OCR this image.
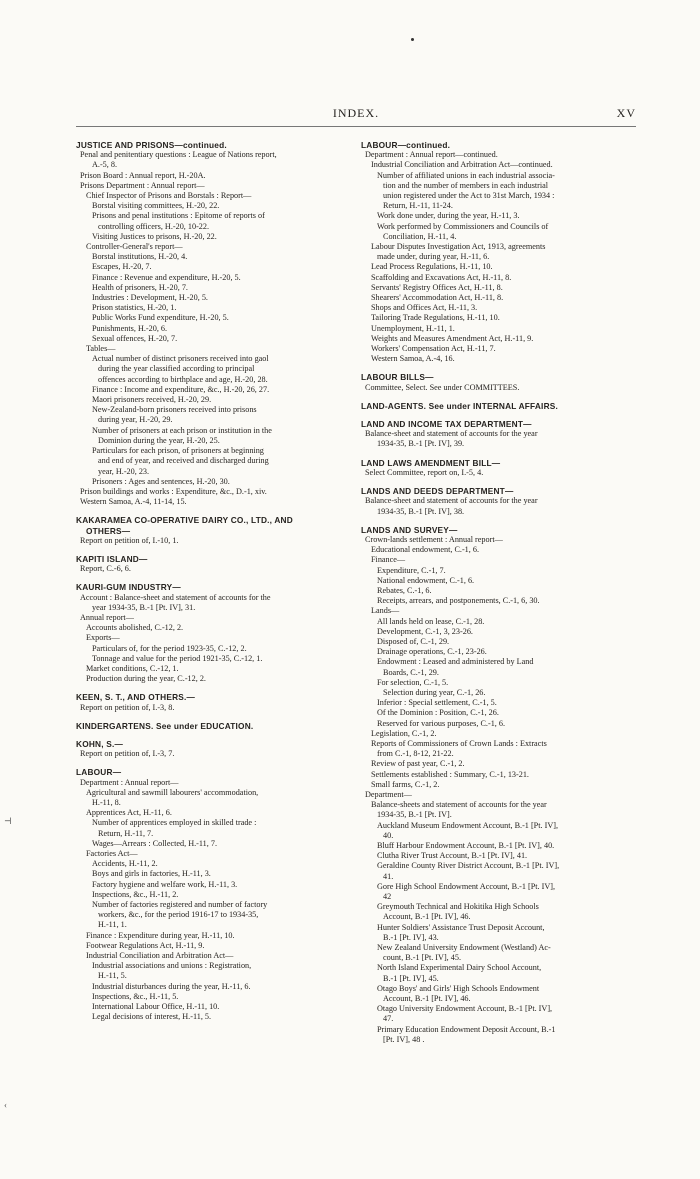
INDEX.	XV
JUSTICE AND PRISONS—continued.
Penal and penitentiary questions : League of Nations report,
A.-5, 8.
Prison Board : Annual report, H.-20A.
Prisons Department : Annual report—
Chief Inspector of Prisons and Borstals : Report—
Borstal visiting committees, H.-20, 22.
Prisons and penal institutions : Epitome of reports of
controlling officers, H.-20, 10-22.
Visiting Justices to prisons, H.-20, 22.
Controller-General's report—
Borstal institutions, H.-20, 4.
Escapes, H.-20, 7.
Finance : Revenue and expenditure, H.-20, 5.
Health of prisoners, H.-20, 7.
Industries : Development, H.-20, 5.
Prison statistics, H.-20, 1.
Public Works Fund expenditure, H.-20, 5.
Punishments, H.-20, 6.
Sexual offences, H.-20, 7.
Tables—
Actual number of distinct prisoners received into gaol
during the year classified according to principal
offences according to birthplace and age, H.-20, 28.
Finance : Income and expenditure, &c., H.-20, 26, 27.
Maori prisoners received, H.-20, 29.
New-Zealand-born prisoners received into prisons
during year, H.-20, 29.
Number of prisoners at each prison or institution in the
Dominion during the year, H.-20, 25.
Particulars for each prison, of prisoners at beginning
and end of year, and received and discharged during
year, H.-20, 23.
Prisoners : Ages and sentences, H.-20, 30.
Prison buildings and works : Expenditure, &c., D.-1, xiv.
Western Samoa, A.-4, 11-14, 15.
KAKARAMEA CO-OPERATIVE DAIRY CO., LTD., AND
OTHERS—
Report on petition of, I.-10, 1.
KAPITI ISLAND—
Report, C.-6, 6.
KAURI-GUM INDUSTRY—
Account : Balance-sheet and statement of accounts for the
year 1934-35, B.-1 [Pt. IV], 31.
Annual report—
Accounts abolished, C.-12, 2.
Exports—
Particulars of, for the period 1923-35, C.-12, 2.
Tonnage and value for the period 1921-35, C.-12, 1.
Market conditions, C.-12, 1.
Production during the year, C.-12, 2.
KEEN, S. T., AND OTHERS.—
Report on petition of, I.-3, 8.
KINDERGARTENS. See under EDUCATION.
KOHN, S.—
Report on petition of, I.-3, 7.
LABOUR—
Department : Annual report—
Agricultural and sawmill labourers' accommodation,
H.-11, 8.
Apprentices Act, H.-11, 6.
Number of apprentices employed in skilled trade :
Return, H.-11, 7.
Wages—Arrears : Collected, H.-11, 7.
Factories Act—
Accidents, H.-11, 2.
Boys and girls in factories, H.-11, 3.
Factory hygiene and welfare work, H.-11, 3.
Inspections, &c., H.-11, 2.
Number of factories registered and number of factory
workers, &c., for the period 1916-17 to 1934-35,
H.-11, 1.
Finance : Expenditure during year, H.-11, 10.
Footwear Regulations Act, H.-11, 9.
Industrial Conciliation and Arbitration Act—
Industrial associations and unions : Registration,
H.-11, 5.
Industrial disturbances during the year, H.-11, 6.
Inspections, &c., H.-11, 5.
International Labour Office, H.-11, 10.
Legal decisions of interest, H.-11, 5.
LABOUR—continued.
Department : Annual report—continued.
Industrial Conciliation and Arbitration Act—continued.
Number of affiliated unions in each industrial associa-
tion and the number of members in each industrial
union registered under the Act to 31st March, 1934 :
Return, H.-11, 11-24.
Work done under, during the year, H.-11, 3.
Work performed by Commissioners and Councils of
Conciliation, H.-11, 4.
Labour Disputes Investigation Act, 1913, agreements
made under, during year, H.-11, 6.
Lead Process Regulations, H.-11, 10.
Scaffolding and Excavations Act, H.-11, 8.
Servants' Registry Offices Act, H.-11, 8.
Shearers' Accommodation Act, H.-11, 8.
Shops and Offices Act, H.-11, 3.
Tailoring Trade Regulations, H.-11, 10.
Unemployment, H.-11, 1.
Weights and Measures Amendment Act, H.-11, 9.
Workers' Compensation Act, H.-11, 7.
Western Samoa, A.-4, 16.
LABOUR BILLS—
Committee, Select. See under COMMITTEES.
LAND-AGENTS. See under INTERNAL AFFAIRS.
LAND AND INCOME TAX DEPARTMENT—
Balance-sheet and statement of accounts for the year
1934-35, B.-1 [Pt. IV], 39.
LAND LAWS AMENDMENT BILL—
Select Committee, report on, I.-5, 4.
LANDS AND DEEDS DEPARTMENT—
Balance-sheet and statement of accounts for the year
1934-35, B.-1 [Pt. IV], 38.
LANDS AND SURVEY—
Crown-lands settlement : Annual report—
Educational endowment, C.-1, 6.
Finance—
Expenditure, C.-1, 7.
National endowment, C.-1, 6.
Rebates, C.-1, 6.
Receipts, arrears, and postponements, C.-1, 6, 30.
Lands—
All lands held on lease, C.-1, 28.
Development, C.-1, 3, 23-26.
Disposed of, C.-1, 29.
Drainage operations, C.-1, 23-26.
Endowment : Leased and administered by Land
Boards, C.-1, 29.
For selection, C.-1, 5.
Selection during year, C.-1, 26.
Inferior : Special settlement, C.-1, 5.
Of the Dominion : Position, C.-1, 26.
Reserved for various purposes, C.-1, 6.
Legislation, C.-1, 2.
Reports of Commissioners of Crown Lands : Extracts
from C.-1, 8-12, 21-22.
Review of past year, C.-1, 2.
Settlements established : Summary, C.-1, 13-21.
Small farms, C.-1, 2.
Department—
Balance-sheets and statement of accounts for the year
1934-35, B.-1 [Pt. IV].
Auckland Museum Endowment Account, B.-1 [Pt. IV],
40.
Bluff Harbour Endowment Account, B.-1 [Pt. IV], 40.
Clutha River Trust Account, B.-1 [Pt. IV], 41.
Geraldine County River District Account, B.-1 [Pt. IV],
41.
Gore High School Endowment Account, B.-1 [Pt. IV],
42
Greymouth Technical and Hokitika High Schools
Account, B.-1 [Pt. IV], 46.
Hunter Soldiers' Assistance Trust Deposit Account,
B.-1 [Pt. IV], 43.
New Zealand University Endowment (Westland) Ac-
count, B.-1 [Pt. IV], 45.
North Island Experimental Dairy School Account,
B.-1 [Pt. IV], 45.
Otago Boys' and Girls' High Schools Endowment
Account, B.-1 [Pt. IV], 46.
Otago University Endowment Account, B.-1 [Pt. IV],
47.
Primary Education Endowment Deposit Account, B.-1
[Pt. IV], 48 .
⊣
‹
